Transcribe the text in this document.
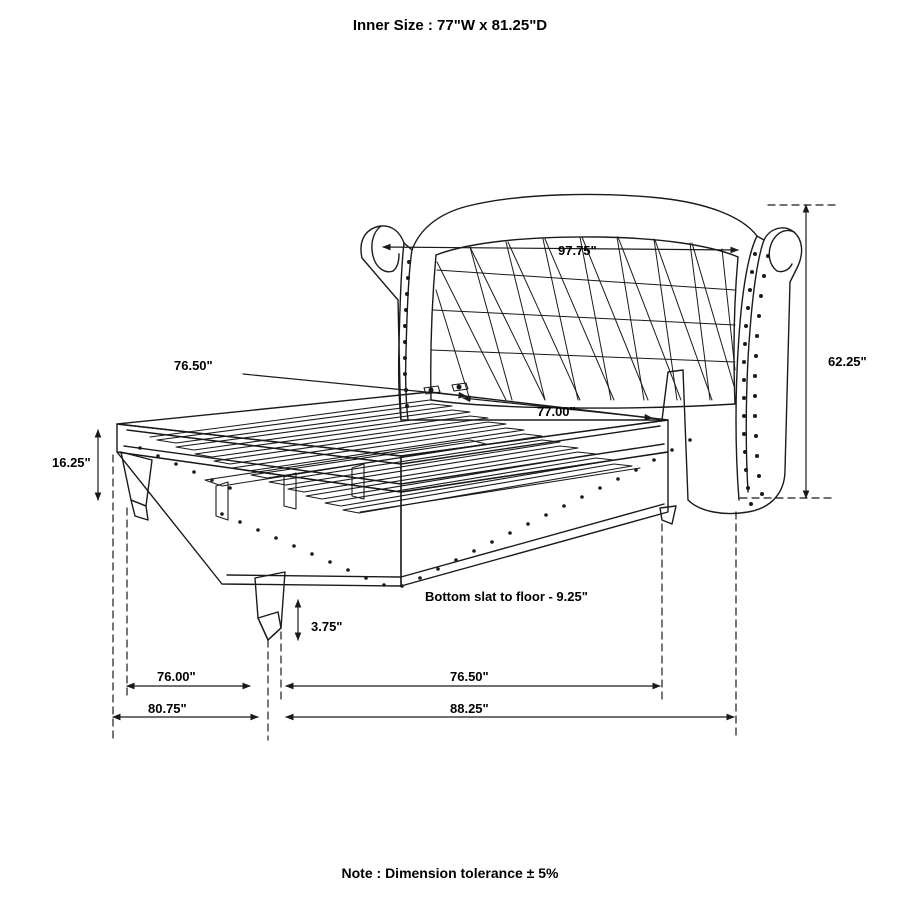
Inner Size : 77"W x 81.25"D
Note : Dimension tolerance ± 5%
97.75"
62.25"
77.00"
76.50"
16.25"
3.75"
Bottom slat to floor - 9.25"
76.00"	76.50"
80.75"	88.25"
